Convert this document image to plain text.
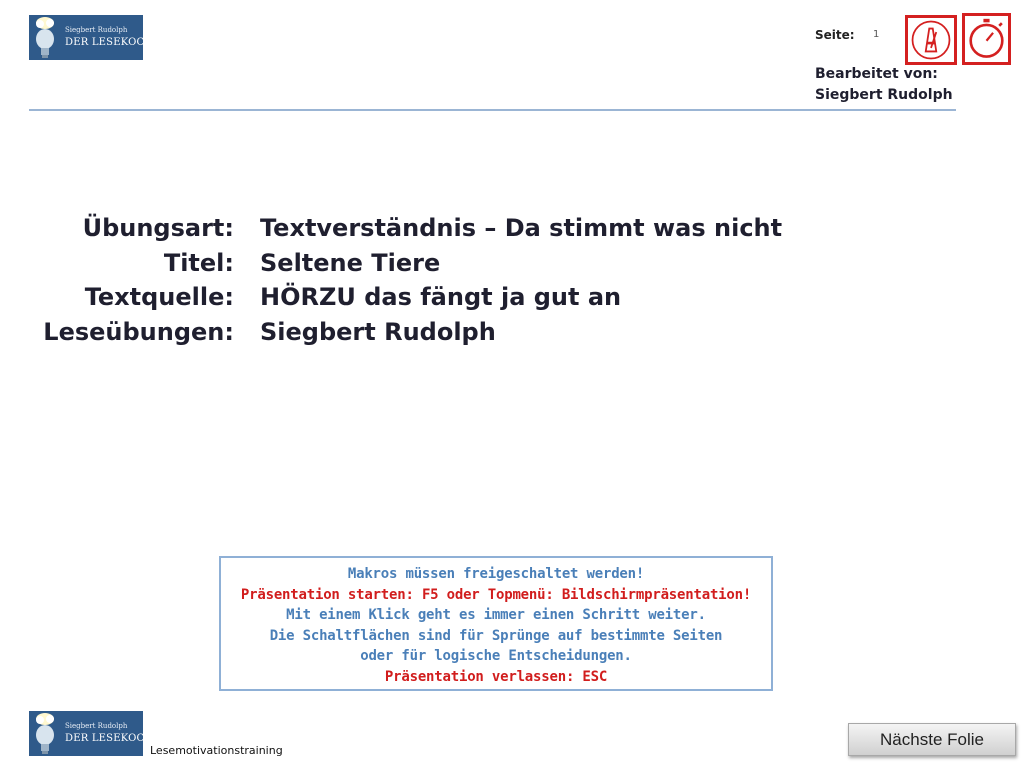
Siegbert Rudolph
DER LESEKOCH
Seite: 1
Bearbeitet von:
Siegbert Rudolph
Übungsart:
Titel:
Textquelle:
Leseübungen:
Textverständnis – Da stimmt was nicht
Seltene Tiere
HÖRZU das fängt ja gut an
Siegbert Rudolph
Makros müssen freigeschaltet werden!
Präsentation starten: F5 oder Topmenü: Bildschirmpräsentation!
Mit einem Klick geht es immer einen Schritt weiter.
Die Schaltflächen sind für Sprünge auf bestimmte Seiten
oder für logische Entscheidungen.
Präsentation verlassen: ESC
Siegbert Rudolph
DER LESEKOCH
Lesemotivationstraining
Nächste Folie
